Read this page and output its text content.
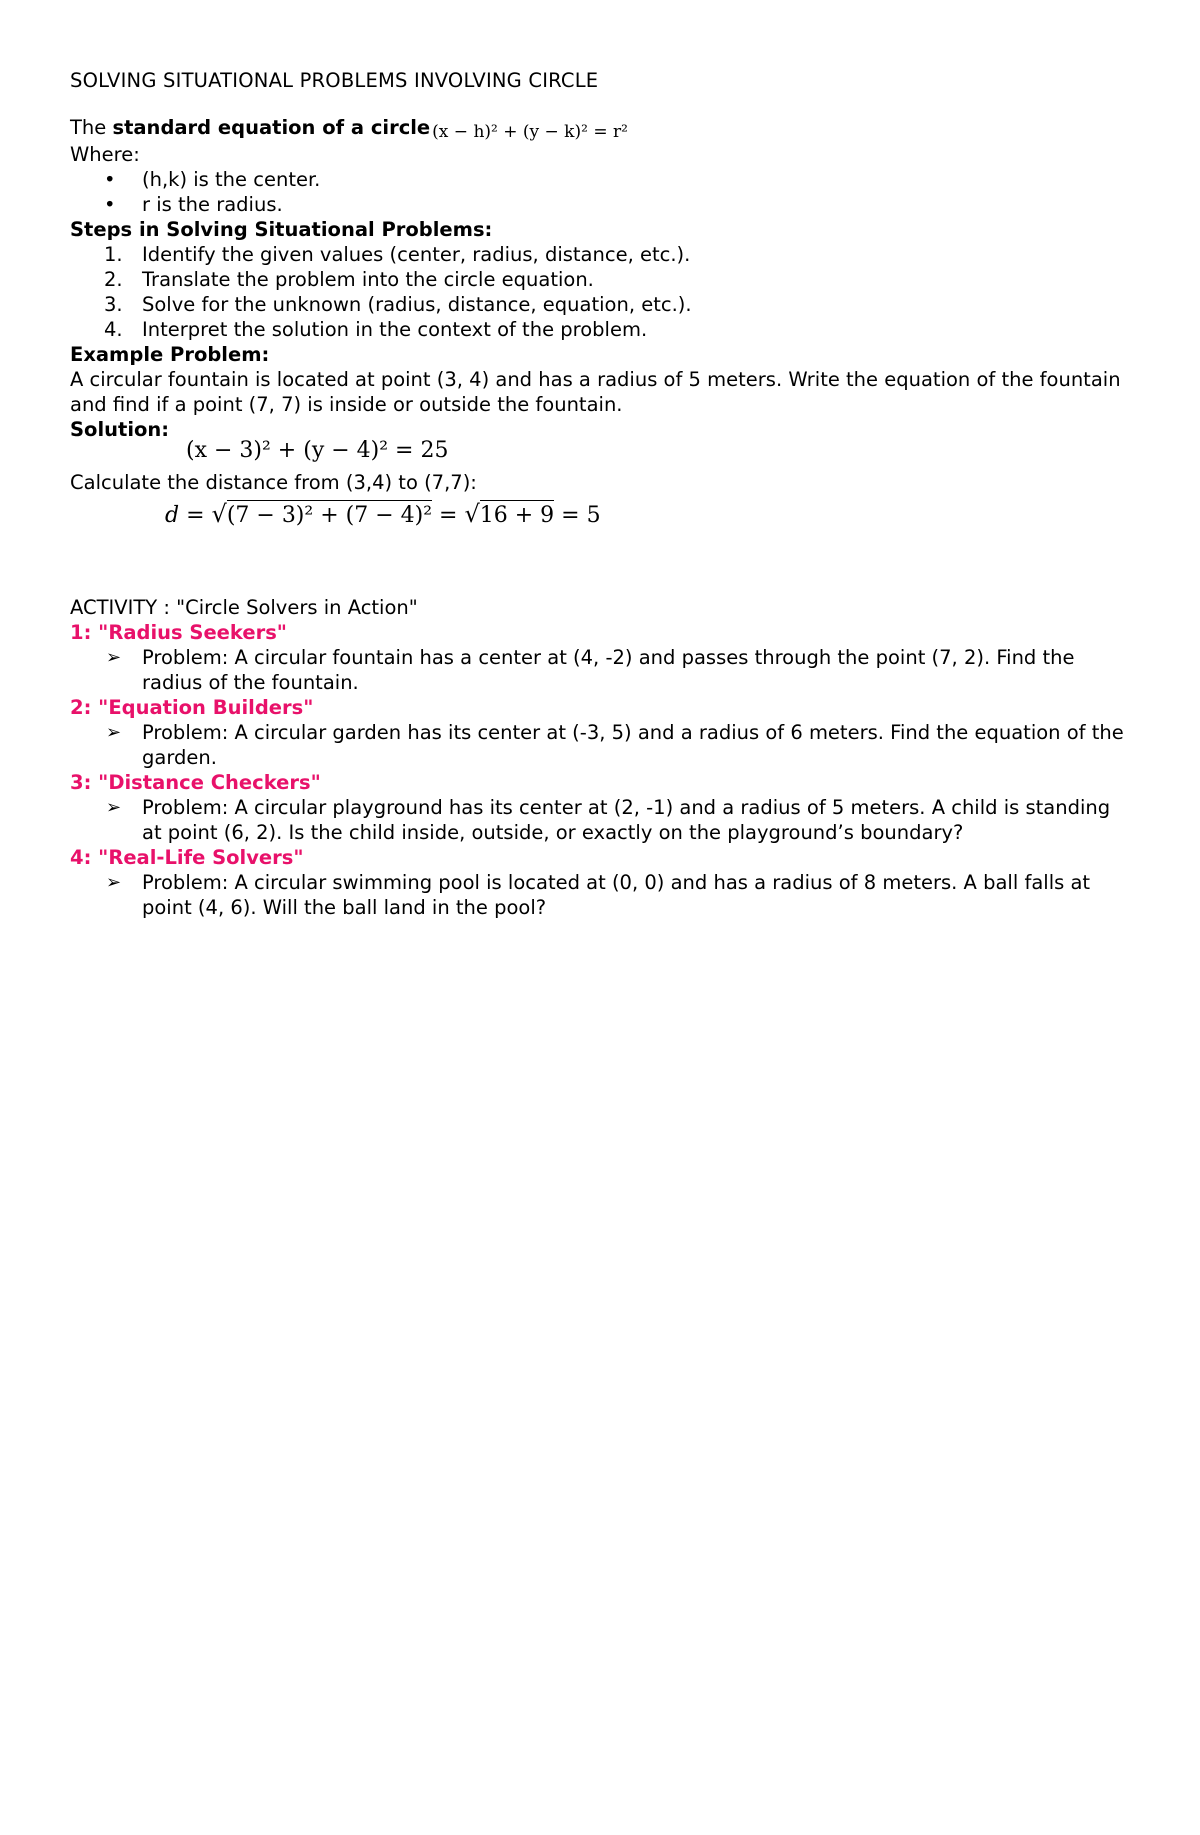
SOLVING SITUATIONAL PROBLEMS INVOLVING CIRCLE

The standard equation of a circle (x − h)² + (y − k)² = r²

Where:

• (h,k) is the center.
• r is the radius.

Steps in Solving Situational Problems:

1. Identify the given values (center, radius, distance, etc.).
2. Translate the problem into the circle equation.
3. Solve for the unknown (radius, distance, equation, etc.).
4. Interpret the solution in the context of the problem.

Example Problem:

A circular fountain is located at point (3, 4) and has a radius of 5 meters. Write the equation of the fountain and find if a point (7, 7) is inside or outside the fountain.

Solution:

(x − 3)² + (y − 4)² = 25

Calculate the distance from (3,4) to (7,7):

d = √(7 − 3)² + (7 − 4)² = √16 + 9 = 5

ACTIVITY : "Circle Solvers in Action"

1: "Radius Seekers"

➢ Problem: A circular fountain has a center at (4, -2) and passes through the point (7, 2). Find the radius of the fountain.

2: "Equation Builders"

➢ Problem: A circular garden has its center at (-3, 5) and a radius of 6 meters. Find the equation of the garden.

3: "Distance Checkers"

➢ Problem: A circular playground has its center at (2, -1) and a radius of 5 meters. A child is standing at point (6, 2). Is the child inside, outside, or exactly on the playground’s boundary?

4: "Real-Life Solvers"

➢ Problem: A circular swimming pool is located at (0, 0) and has a radius of 8 meters. A ball falls at point (4, 6). Will the ball land in the pool?
